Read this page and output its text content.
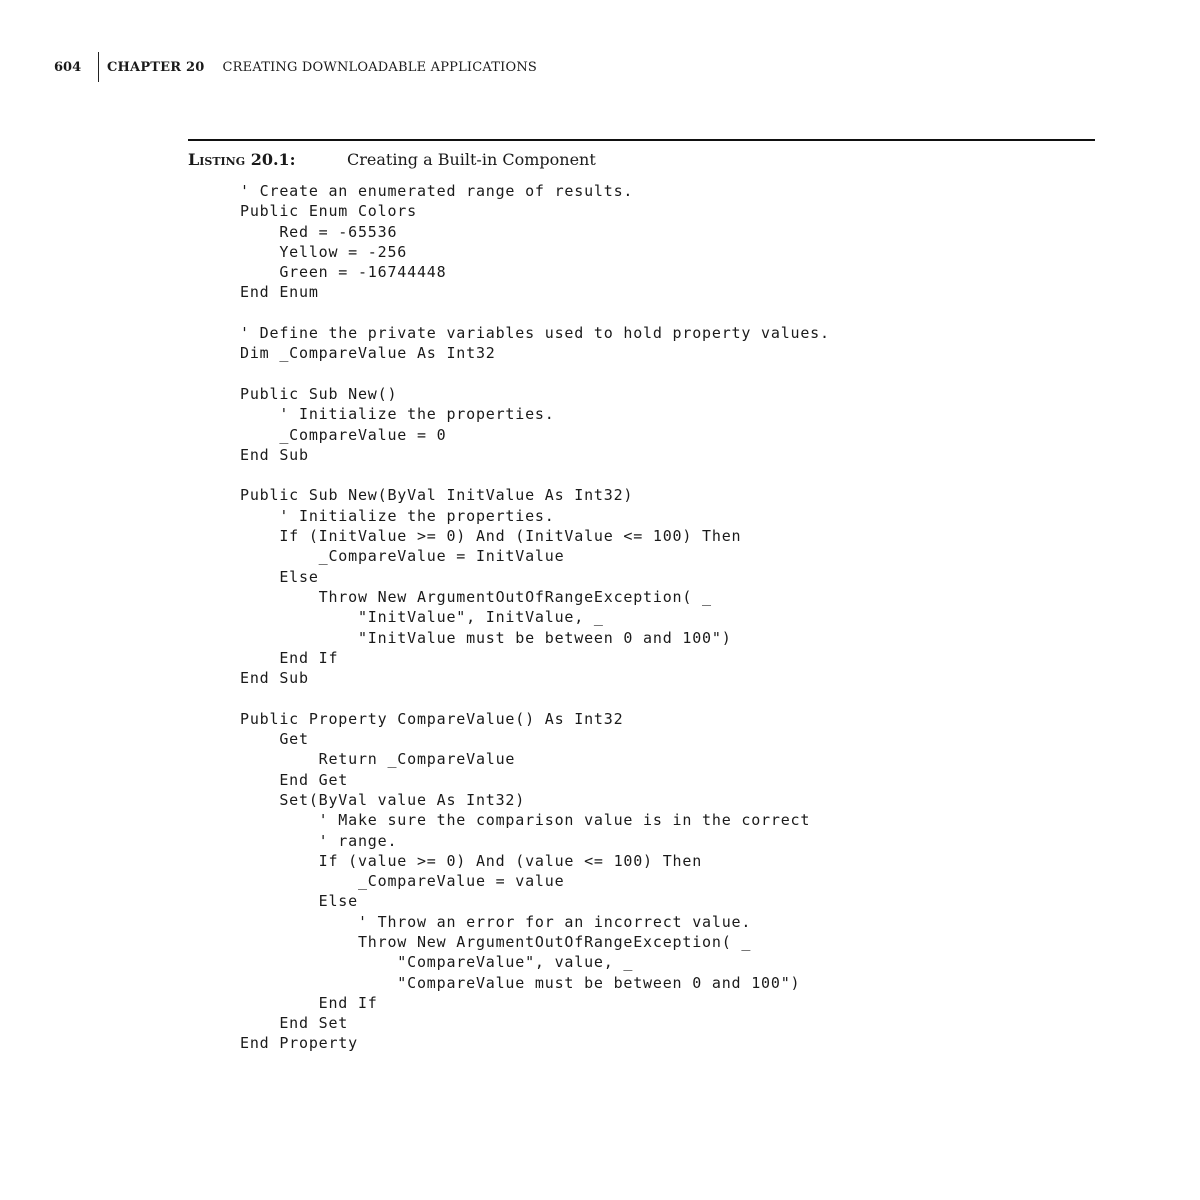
604	CHAPTER 20 CREATING DOWNLOADABLE APPLICATIONS
Listing 20.1:	Creating a Built-in Component
' Create an enumerated range of results.
Public Enum Colors
Red = -65536
Yellow = -256
Green = -16744448
End Enum
' Define the private variables used to hold property values.
Dim _CompareValue As Int32
Public Sub New()
' Initialize the properties.
_CompareValue = 0
End Sub
Public Sub New(ByVal InitValue As Int32)
' Initialize the properties.
If (InitValue >= 0) And (InitValue <= 100) Then
_CompareValue = InitValue
Else
Throw New ArgumentOutOfRangeException( _
"InitValue", InitValue, _
"InitValue must be between 0 and 100")
End If
End Sub
Public Property CompareValue() As Int32
Get
Return _CompareValue
End Get
Set(ByVal value As Int32)
' Make sure the comparison value is in the correct
' range.
If (value >= 0) And (value <= 100) Then
_CompareValue = value
Else
' Throw an error for an incorrect value.
Throw New ArgumentOutOfRangeException( _
"CompareValue", value, _
"CompareValue must be between 0 and 100")
End If
End Set
End Property
